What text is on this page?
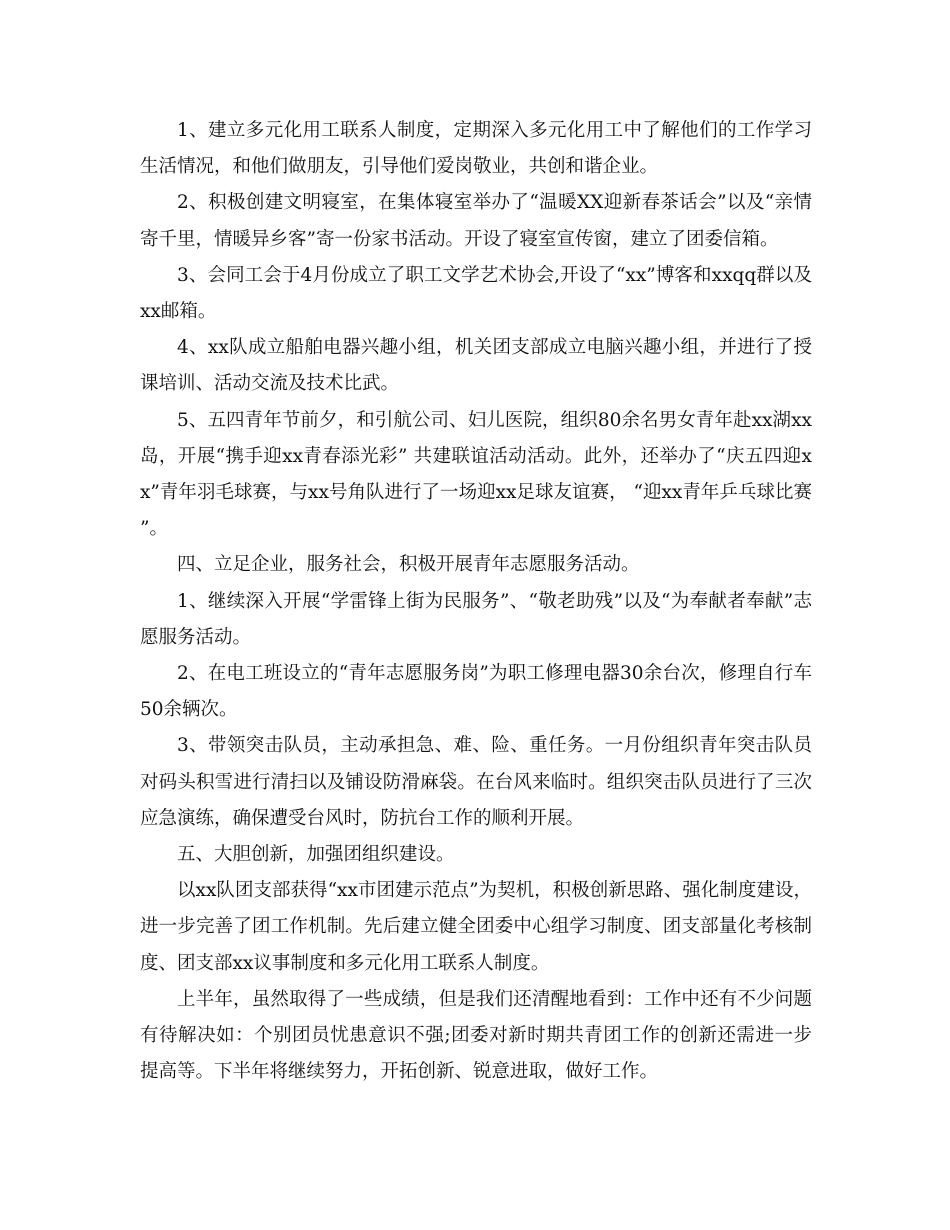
1、建立多元化用工联系人制度，定期深入多元化用工中了解他们的工作学习生活情况，和他们做朋友，引导他们爱岗敬业，共创和谐企业。

2、积极创建文明寝室，在集体寝室举办了“温暖XX迎新春茶话会”以及“亲情寄千里，情暖异乡客”寄一份家书活动。开设了寝室宣传窗，建立了团委信箱。

3、会同工会于4月份成立了职工文学艺术协会,开设了“xx”博客和xxqq群以及xx邮箱。

4、xx队成立船舶电器兴趣小组，机关团支部成立电脑兴趣小组，并进行了授课培训、活动交流及技术比武。

5、五四青年节前夕，和引航公司、妇儿医院，组织80余名男女青年赴xx湖xx岛，开展“携手迎xx青春添光彩” 共建联谊活动活动。此外，还举办了“庆五四迎xx”青年羽毛球赛，与xx号角队进行了一场迎xx足球友谊赛， “迎xx青年乒乓球比赛 ”。

四、立足企业，服务社会，积极开展青年志愿服务活动。

1、继续深入开展“学雷锋上街为民服务”、“敬老助残”以及“为奉献者奉献”志愿服务活动。

2、在电工班设立的“青年志愿服务岗”为职工修理电器30余台次，修理自行车50余辆次。

3、带领突击队员，主动承担急、难、险、重任务。一月份组织青年突击队员对码头积雪进行清扫以及铺设防滑麻袋。在台风来临时。组织突击队员进行了三次应急演练，确保遭受台风时，防抗台工作的顺利开展。

五、大胆创新，加强团组织建设。

以xx队团支部获得“xx市团建示范点”为契机，积极创新思路、强化制度建设，进一步完善了团工作机制。先后建立健全团委中心组学习制度、团支部量化考核制度、团支部xx议事制度和多元化用工联系人制度。

上半年，虽然取得了一些成绩，但是我们还清醒地看到：工作中还有不少问题有待解决如：个别团员忧患意识不强;团委对新时期共青团工作的创新还需进一步提高等。下半年将继续努力，开拓创新、锐意进取，做好工作。
